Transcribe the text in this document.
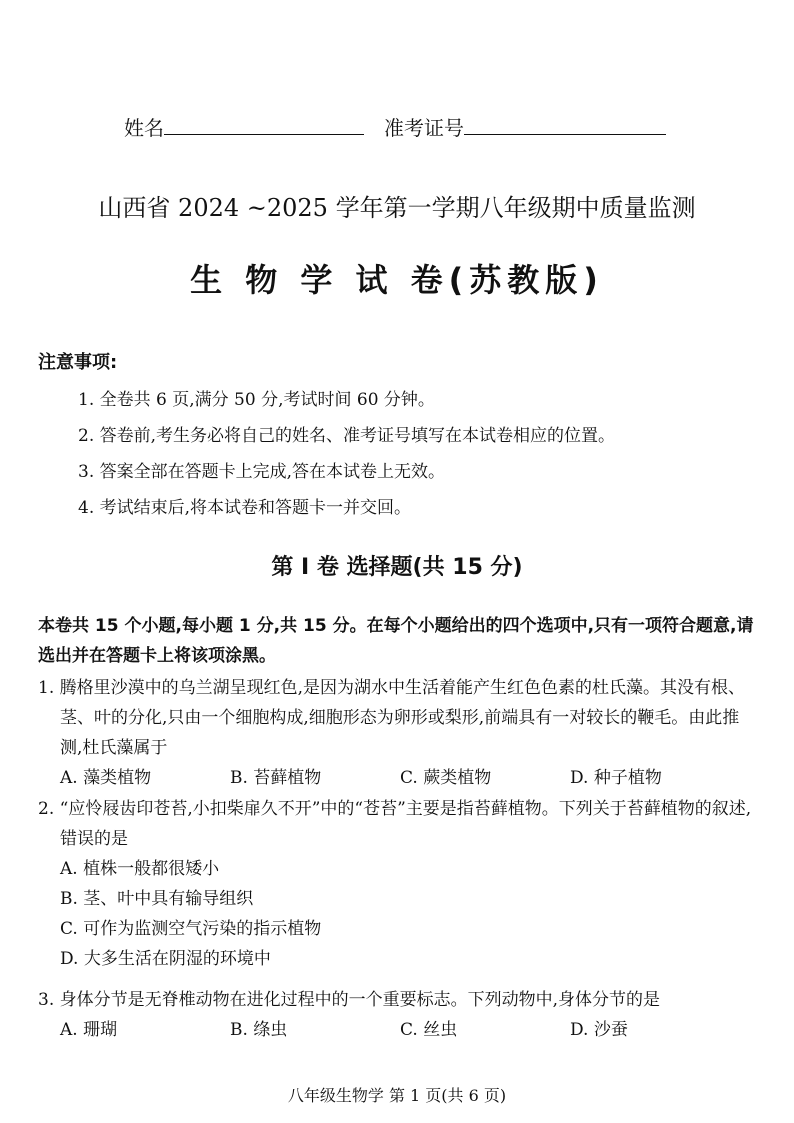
姓名	准考证号
山西省 2024 ~2025 学年第一学期八年级期中质量监测
生 物 学 试 卷(苏教版)
注意事项:
1. 全卷共 6 页,满分 50 分,考试时间 60 分钟。
2. 答卷前,考生务必将自己的姓名、准考证号填写在本试卷相应的位置。
3. 答案全部在答题卡上完成,答在本试卷上无效。
4. 考试结束后,将本试卷和答题卡一并交回。
第 Ⅰ 卷 选择题(共 15 分)
本卷共 15 个小题,每小题 1 分,共 15 分。在每个小题给出的四个选项中,只有一项符合题意,请选出并在答题卡上将该项涂黑。
1. 腾格里沙漠中的乌兰湖呈现红色,是因为湖水中生活着能产生红色色素的杜氏藻。其没有根、茎、叶的分化,只由一个细胞构成,细胞形态为卵形或梨形,前端具有一对较长的鞭毛。由此推测,杜氏藻属于
A. 藻类植物	B. 苔藓植物	C. 蕨类植物	D. 种子植物
2. “应怜屐齿印苍苔,小扣柴扉久不开”中的“苍苔”主要是指苔藓植物。下列关于苔藓植物的叙述,错误的是
A. 植株一般都很矮小
B. 茎、叶中具有输导组织
C. 可作为监测空气污染的指示植物
D. 大多生活在阴湿的环境中
3. 身体分节是无脊椎动物在进化过程中的一个重要标志。下列动物中,身体分节的是
A. 珊瑚	B. 绦虫	C. 丝虫	D. 沙蚕
八年级生物学 第 1 页(共 6 页)
